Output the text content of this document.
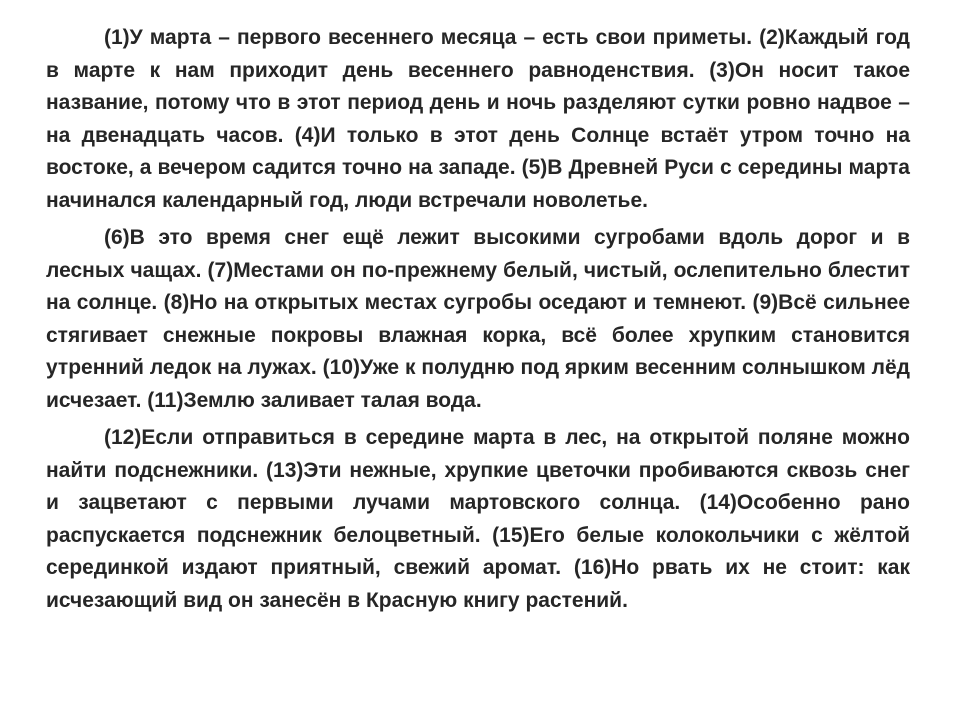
(1)У марта – первого весеннего месяца – есть свои приметы. (2)Каждый год в марте к нам приходит день весеннего равноденствия. (3)Он носит такое название, потому что в этот период день и ночь разделяют сутки ровно надвое – на двенадцать часов. (4)И только в этот день Солнце встаёт утром точно на востоке, а вечером садится точно на западе. (5)В Древней Руси с середины марта начинался календарный год, люди встречали новолетье.

(6)В это время снег ещё лежит высокими сугробами вдоль дорог и в лесных чащах. (7)Местами он по-прежнему белый, чистый, ослепительно блестит на солнце. (8)Но на открытых местах сугробы оседают и темнеют. (9)Всё сильнее стягивает снежные покровы влажная корка, всё более хрупким становится утренний ледок на лужах. (10)Уже к полудню под ярким весенним солнышком лёд исчезает. (11)Землю заливает талая вода.

(12)Если отправиться в середине марта в лес, на открытой поляне можно найти подснежники. (13)Эти нежные, хрупкие цветочки пробиваются сквозь снег и зацветают с первыми лучами мартовского солнца. (14)Особенно рано распускается подснежник белоцветный. (15)Его белые колокольчики с жёлтой серединкой издают приятный, свежий аромат. (16)Но рвать их не стоит: как исчезающий вид он занесён в Красную книгу растений.
